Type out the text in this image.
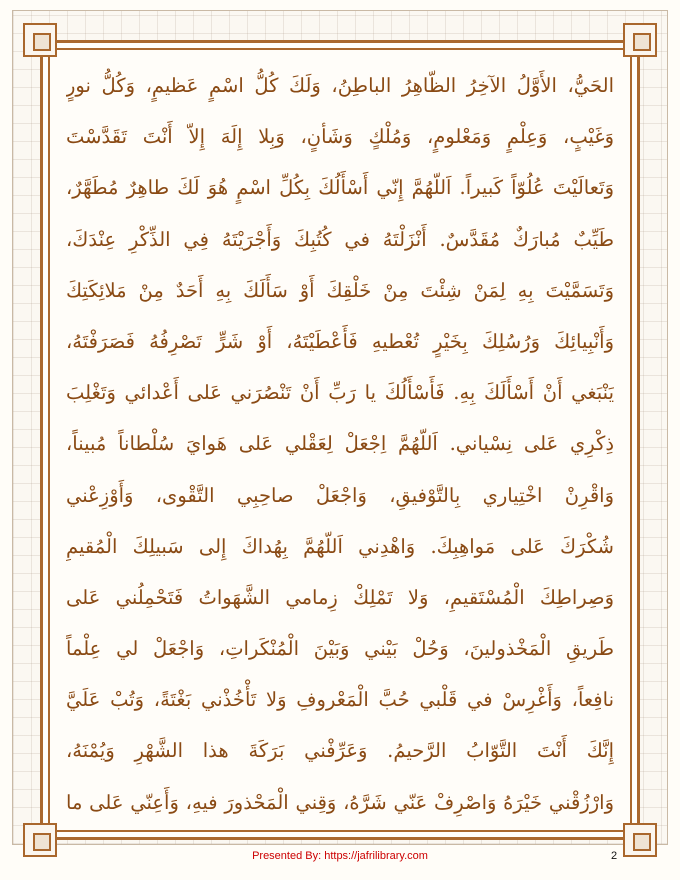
الحَيُّ، الأَوَّلُ الآخِرُ الظّاهِرُ الباطِنُ، وَلَكَ كُلُّ اسْمٍ عَظيمٍ، وَكُلُّ نورٍ
وَغَيْبٍ، وَعِلْمٍ وَمَعْلومٍ، وَمُلْكٍ وَشَأنٍ، وَبِلا إِلَهَ إِلاّ أَنْتَ تَقَدَّسْتَ
وَتَعالَيْتَ عُلُوّاً كَبيراً. اَللّهُمَّ إِنّي أَسْأَلُكَ بِكُلِّ اسْمٍ هُوَ لَكَ طاهِرٌ مُطَهَّرٌ،
طَيِّبٌ مُبارَكٌ مُقَدَّسٌ. أَنْزَلْتَهُ في كُتُبِكَ وَأَجْرَيْتَهُ فِي الذِّكْرِ عِنْدَكَ،
وَتَسَمَّيْتَ بِهِ لِمَنْ شِئْتَ مِنْ خَلْقِكَ أَوْ سَأَلَكَ بِهِ أَحَدٌ مِنْ مَلائِكَتِكَ
وَأَنْبِيائِكَ وَرُسُلِكَ بِخَيْرٍ تُعْطيهِ فَأَعْطَيْتَهُ، أَوْ شَرٍّ تَصْرِفُهُ فَصَرَفْتَهُ،
يَنْبَغي أَنْ أَسْأَلَكَ بِهِ. فَأَسْأَلُكَ يا رَبِّ أَنْ تَنْصُرَني عَلى أَعْدائي وَتَغْلِبَ
ذِكْرِي عَلى نِسْياني. اَللّهُمَّ اِجْعَلْ لِعَقْلي عَلى هَوايَ سُلْطاناً مُبيناً،
وَاقْرِنْ اخْتِياري بِالتَّوْفيقِ، وَاجْعَلْ صاحِبِي التَّقْوى، وَأَوْزِعْني
شُكْرَكَ عَلى مَواهِبِكَ. وَاهْدِني اَللّهُمَّ بِهُداكَ إِلى سَبيلِكَ الْمُقيمِ
وَصِراطِكَ الْمُسْتَقيمِ، وَلا تَمْلِكْ زِمامي الشَّهَواتُ فَتَحْمِلُني عَلى
طَريقِ الْمَخْذولينَ، وَحُلْ بَيْني وَبَيْنَ الْمُنْكَراتِ، وَاجْعَلْ لي عِلْماً
نافِعاً، وَأَغْرِسْ في قَلْبي حُبَّ الْمَعْروفِ وَلا تَأْخُذْني بَغْتَةً، وَتُبْ عَلَيَّ
إِنَّكَ أَنْتَ التَّوّابُ الرَّحيمُ. وَعَرِّفْني بَرَكَةَ هذا الشَّهْرِ وَيُمْنَهُ،
وَارْزُقْني خَيْرَهُ وَاصْرِفْ عَنّي شَرَّهُ، وَقِني الْمَحْذورَ فيهِ، وَأَعِنّي عَلى ما
Presented By: https://jafrilibrary.com	2
